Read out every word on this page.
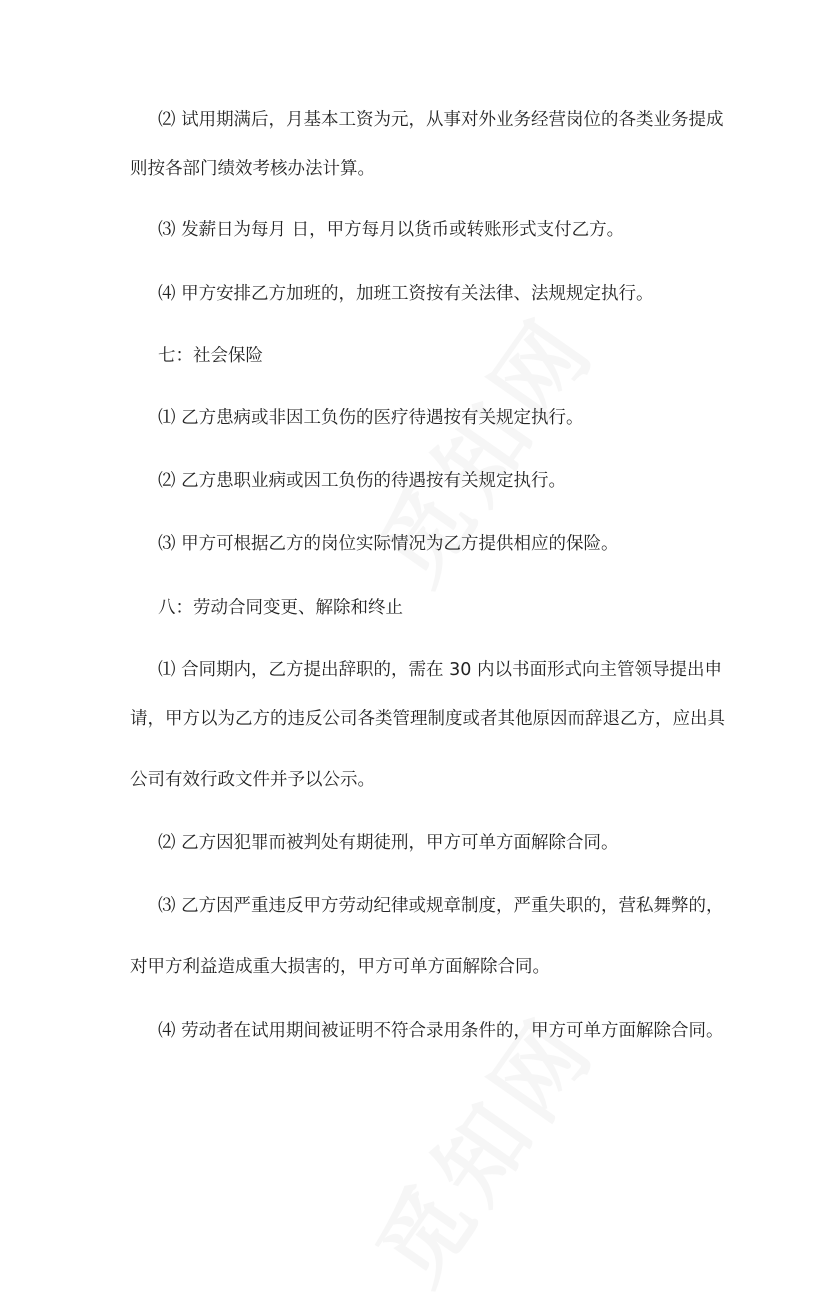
⑵ 试用期满后，月基本工资为元，从事对外业务经营岗位的各类业务提成
则按各部门绩效考核办法计算。
⑶ 发薪日为每月 日，甲方每月以货币或转账形式支付乙方。
⑷ 甲方安排乙方加班的，加班工资按有关法律、法规规定执行。
七：社会保险
⑴ 乙方患病或非因工负伤的医疗待遇按有关规定执行。
⑵ 乙方患职业病或因工负伤的待遇按有关规定执行。
⑶ 甲方可根据乙方的岗位实际情况为乙方提供相应的保险。
八：劳动合同变更、解除和终止
⑴ 合同期内，乙方提出辞职的，需在 30 内以书面形式向主管领导提出申
请，甲方以为乙方的违反公司各类管理制度或者其他原因而辞退乙方，应出具
公司有效行政文件并予以公示。
⑵ 乙方因犯罪而被判处有期徒刑，甲方可单方面解除合同。
⑶ 乙方因严重违反甲方劳动纪律或规章制度，严重失职的，营私舞弊的，
对甲方利益造成重大损害的，甲方可单方面解除合同。
⑷ 劳动者在试用期间被证明不符合录用条件的，甲方可单方面解除合同。
